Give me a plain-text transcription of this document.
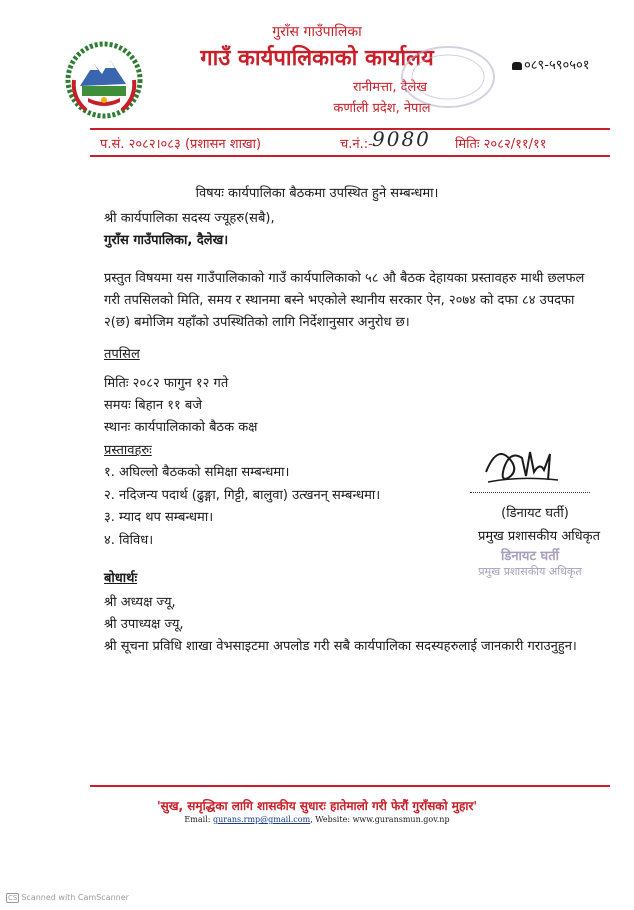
गुराँस गाउँपालिका
गाउँ कार्यपालिकाको कार्यालय
रानीमत्ता, दैलेख
कर्णाली प्रदेश, नेपाल
०८९-५९०५०१
प.सं. २०८२।०८३ (प्रशासन शाखा)	च.नं.:- 9080 मितिः २०८२/११/११
विषयः कार्यपालिका बैठकमा उपस्थित हुने सम्बन्धमा।
श्री कार्यपालिका सदस्य ज्यूहरु(सबै),
गुराँस गाउँपालिका, दैलेख।
प्रस्तुत विषयमा यस गाउँपालिकाको गाउँ कार्यपालिकाको ५८ औ बैठक देहायका प्रस्तावहरु माथी छलफल गरी तपसिलको मिति, समय र स्थानमा बस्ने भएकोले स्थानीय सरकार ऐन, २०७४ को दफा ८४ उपदफा २(छ) बमोजिम यहाँको उपस्थितिको लागि निर्देशानुसार अनुरोध छ।
तपसिल
मितिः २०८२ फागुन १२ गते
समयः बिहान ११ बजे
स्थानः कार्यपालिकाको बैठक कक्ष
प्रस्तावहरुः
१. अघिल्लो बैठकको समिक्षा सम्बन्धमा।
२. नदिजन्य पदार्थ (ढुङ्गा, गिट्टी, बालुवा) उत्खनन् सम्बन्धमा।
३. म्याद थप सम्बन्धमा।
४. विविध।
(डिनायट घर्ती)
प्रमुख प्रशासकीय अधिकृत
डिनायट घर्ती
प्रमुख प्रशासकीय अधिकृत
बोधार्थः
श्री अध्यक्ष ज्यू,
श्री उपाध्यक्ष ज्यू,
श्री सूचना प्रविधि शाखा वेभसाइटमा अपलोड गरी सबै कार्यपालिका सदस्यहरुलाई जानकारी गराउनुहुन।
'सुख, समृद्धिका लागि शासकीय सुधारः हातेमालो गरी फेरौं गुराँसको मुहार'
Email: gurans.rmp@gmail.com, Website: www.guransmun.gov.np
CS Scanned with CamScanner
